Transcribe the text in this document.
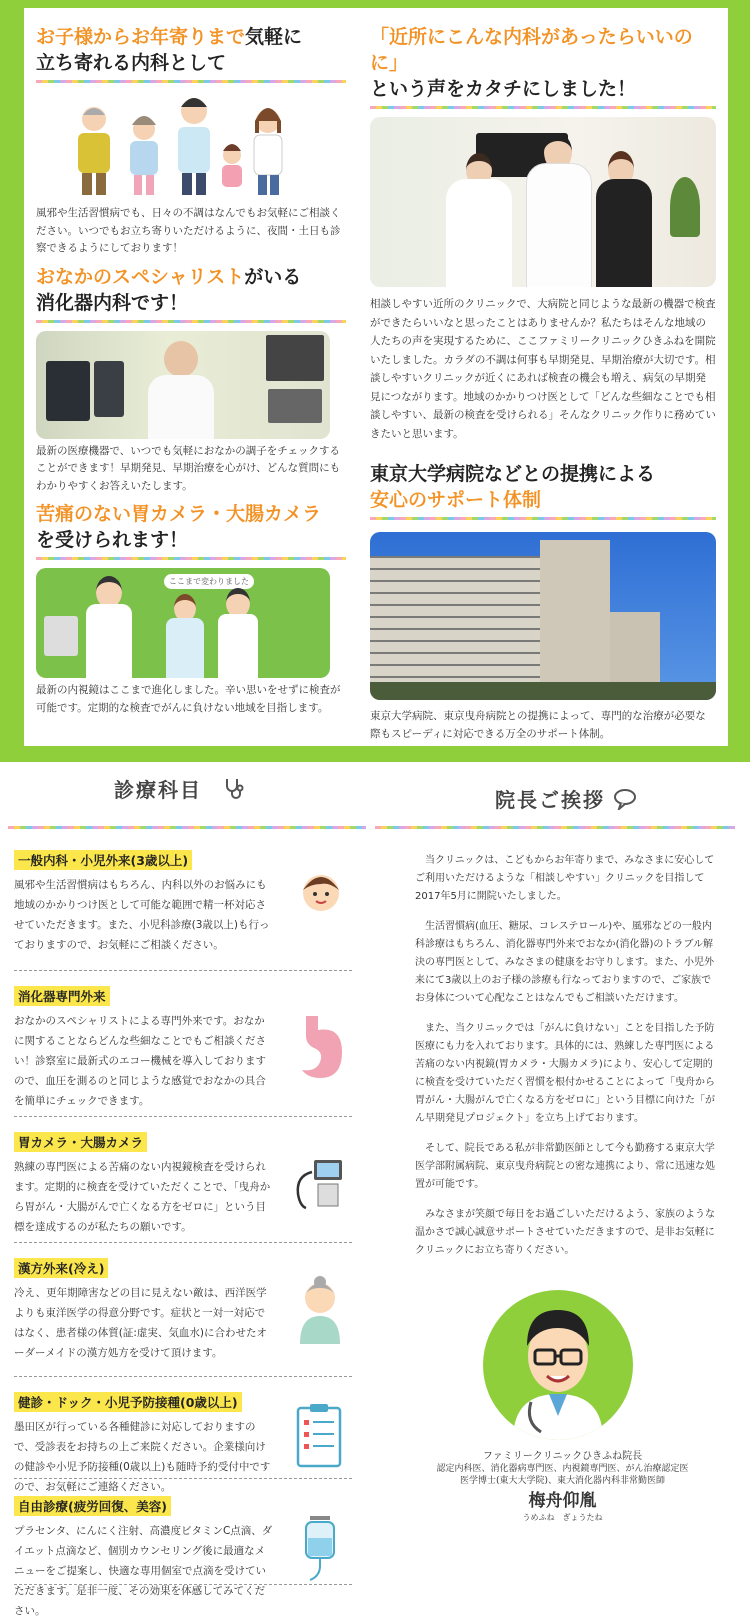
お子様からお年寄りまで気軽に
立ち寄れる内科として

風邪や生活習慣病でも、日々の不調はなんでもお気軽にご相談ください。いつでもお立ち寄りいただけるように、夜間・土日も診察できるようにしております！

おなかのスペシャリストがいる
消化器内科です！

最新の医療機器で、いつでも気軽におなかの調子をチェックすることができます！早期発見、早期治療を心がけ、どんな質問にもわかりやすくお答えいたします。

苦痛のない胃カメラ・大腸カメラ
を受けられます！

ここまで変わりました

最新の内視鏡はここまで進化しました。辛い思いをせずに検査が可能です。定期的な検査でがんに負けない地域を目指します。

「近所にこんな内科があったらいいのに」
という声をカタチにしました！

相談しやすい近所のクリニックで、大病院と同じような最新の機器で検査ができたらいいなと思ったことはありませんか？私たちはそんな地域の人たちの声を実現するために、ここファミリークリニックひきふねを開院いたしました。カラダの不調は何事も早期発見、早期治療が大切です。相談しやすいクリニックが近くにあれば検査の機会も増え、病気の早期発見につながります。地域のかかりつけ医として「どんな些細なことでも相談しやすい、最新の検査を受けられる」そんなクリニック作りに務めていきたいと思います。

東京大学病院などとの提携による
安心のサポート体制

東京大学病院、東京曳舟病院との提携によって、専門的な治療が必要な際もスピーディに対応できる万全のサポート体制。

診療科目
一般内科・小児外来(3歳以上)

風邪や生活習慣病はもちろん、内科以外のお悩みにも地域のかかりつけ医として可能な範囲で精一杯対応させていただきます。また、小児科診療(3歳以上)も行っておりますので、お気軽にご相談ください。

消化器専門外来

おなかのスペシャリストによる専門外来です。おなかに関することならどんな些細なことでもご相談ください！診察室に最新式のエコー機械を導入しておりますので、血圧を測るのと同じような感覚でおなかの具合を簡単にチェックできます。

胃カメラ・大腸カメラ

熟練の専門医による苦痛のない内視鏡検査を受けられます。定期的に検査を受けていただくことで、「曳舟から胃がん・大腸がんで亡くなる方をゼロに」という目標を達成するのが私たちの願いです。

漢方外来(冷え)

冷え、更年期障害などの目に見えない敵は、西洋医学よりも東洋医学の得意分野です。症状と一対一対応ではなく、患者様の体質(証:虚実、気血水)に合わせたオーダーメイドの漢方処方を受けて頂けます。

健診・ドック・小児予防接種(0歳以上)

墨田区が行っている各種健診に対応しておりますので、受診表をお持ちの上ご来院ください。企業様向けの健診や小児予防接種(0歳以上)も随時予約受付中ですので、お気軽にご連絡ください。

自由診療(疲労回復、美容)

プラセンタ、にんにく注射、高濃度ビタミンC点滴、ダイエット点滴など、個別カウンセリング後に最適なメニューをご提案し、快適な専用個室で点滴を受けていただきます。是非一度、その効果を体感してみてください。

院長ご挨拶

当クリニックは、こどもからお年寄りまで、みなさまに安心してご利用いただけるような「相談しやすい」クリニックを目指して2017年5月に開院いたしました。

生活習慣病(血圧、糖尿、コレステロール)や、風邪などの一般内科診療はもちろん、消化器専門外来でおなか(消化器)のトラブル解決の専門医として、みなさまの健康をお守りします。また、小児外来にて3歳以上のお子様の診療も行なっておりますので、ご家族でお身体について心配なことはなんでもご相談いただけます。

また、当クリニックでは「がんに負けない」ことを目指した予防医療にも力を入れております。具体的には、熟練した専門医による苦痛のない内視鏡(胃カメラ・大腸カメラ)により、安心して定期的に検査を受けていただく習慣を根付かせることによって「曳舟から胃がん・大腸がんで亡くなる方をゼロに」という目標に向けた「がん早期発見プロジェクト」を立ち上げております。

そして、院長である私が非常勤医師として今も勤務する東京大学医学部附属病院、東京曳舟病院との密な連携により、常に迅速な処置が可能です。

みなさまが笑顔で毎日をお過ごしいただけるよう、家族のような温かさで誠心誠意サポートさせていただきますので、是非お気軽にクリニックにお立ち寄りください。

ファミリークリニックひきふね院長
認定内科医、消化器病専門医、内視鏡専門医、がん治療認定医
医学博士(東大大学院)、東大消化器内科非常勤医師
梅舟仰胤
うめふね　ぎょうたね
